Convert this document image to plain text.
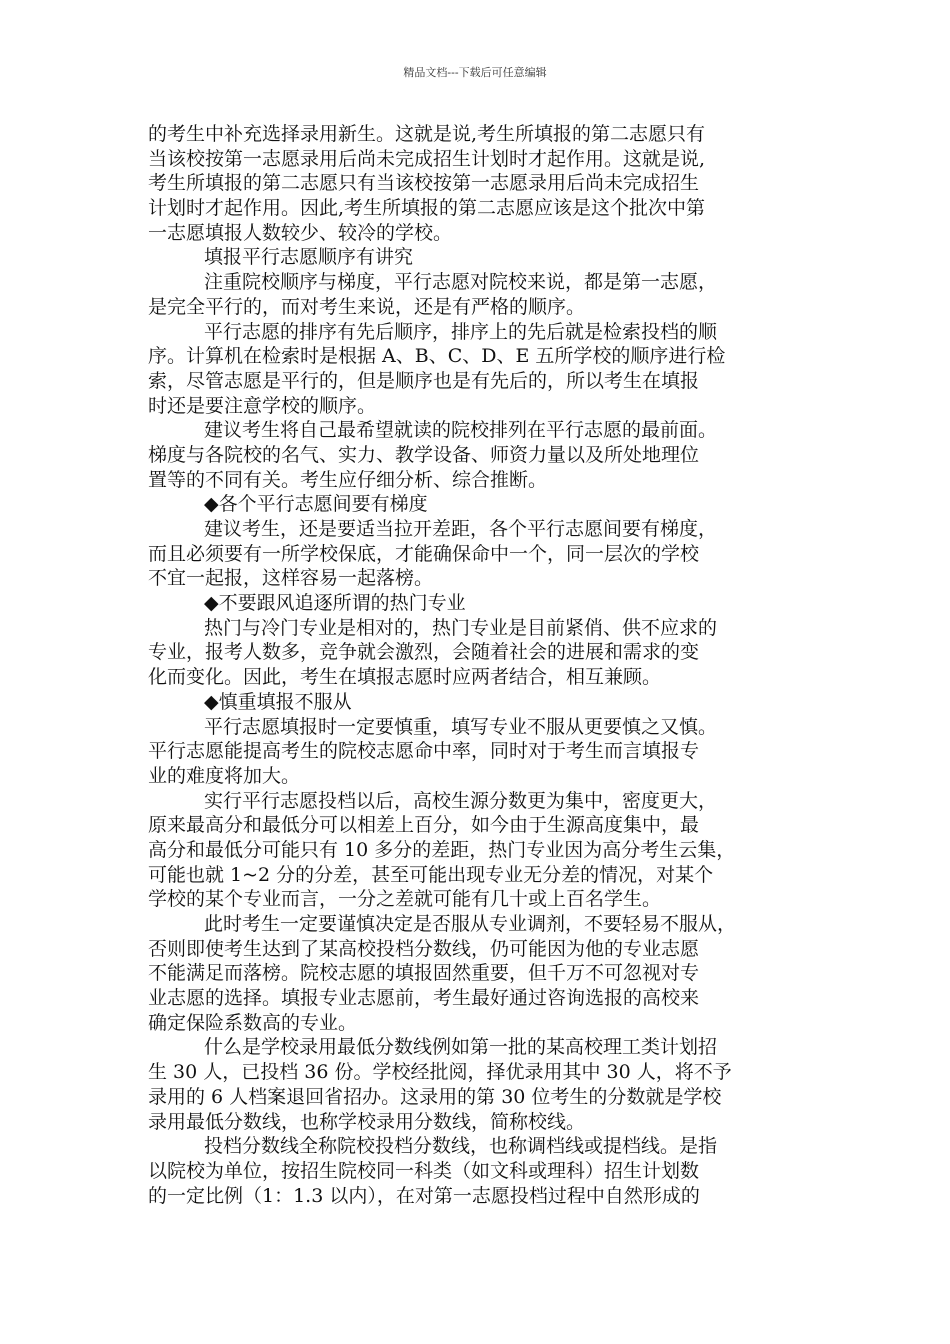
精品文档---下载后可任意编辑
的考生中补充选择录用新生。这就是说,考生所填报的第二志愿只有
当该校按第一志愿录用后尚未完成招生计划时才起作用。这就是说,
考生所填报的第二志愿只有当该校按第一志愿录用后尚未完成招生
计划时才起作用。因此,考生所填报的第二志愿应该是这个批次中第
一志愿填报人数较少、较冷的学校。
填报平行志愿顺序有讲究
注重院校顺序与梯度，平行志愿对院校来说，都是第一志愿，
是完全平行的，而对考生来说，还是有严格的顺序。
平行志愿的排序有先后顺序，排序上的先后就是检索投档的顺
序。计算机在检索时是根据 A、B、C、D、E 五所学校的顺序进行检
索，尽管志愿是平行的，但是顺序也是有先后的，所以考生在填报
时还是要注意学校的顺序。
建议考生将自己最希望就读的院校排列在平行志愿的最前面。
梯度与各院校的名气、实力、教学设备、师资力量以及所处地理位
置等的不同有关。考生应仔细分析、综合推断。
◆各个平行志愿间要有梯度
建议考生，还是要适当拉开差距，各个平行志愿间要有梯度，
而且必须要有一所学校保底，才能确保命中一个，同一层次的学校
不宜一起报，这样容易一起落榜。
◆不要跟风追逐所谓的热门专业
热门与冷门专业是相对的，热门专业是目前紧俏、供不应求的
专业，报考人数多，竞争就会激烈，会随着社会的进展和需求的变
化而变化。因此，考生在填报志愿时应两者结合，相互兼顾。
◆慎重填报不服从
平行志愿填报时一定要慎重，填写专业不服从更要慎之又慎。
平行志愿能提高考生的院校志愿命中率，同时对于考生而言填报专
业的难度将加大。
实行平行志愿投档以后，高校生源分数更为集中，密度更大，
原来最高分和最低分可以相差上百分，如今由于生源高度集中，最
高分和最低分可能只有 10 多分的差距，热门专业因为高分考生云集，
可能也就 1~2 分的分差，甚至可能出现专业无分差的情况，对某个
学校的某个专业而言，一分之差就可能有几十或上百名学生。
此时考生一定要谨慎决定是否服从专业调剂，不要轻易不服从，
否则即使考生达到了某高校投档分数线，仍可能因为他的专业志愿
不能满足而落榜。院校志愿的填报固然重要，但千万不可忽视对专
业志愿的选择。填报专业志愿前，考生最好通过咨询选报的高校来
确定保险系数高的专业。
什么是学校录用最低分数线例如第一批的某高校理工类计划招
生 30 人，已投档 36 份。学校经批阅，择优录用其中 30 人，将不予
录用的 6 人档案退回省招办。这录用的第 30 位考生的分数就是学校
录用最低分数线，也称学校录用分数线，简称校线。
投档分数线全称院校投档分数线，也称调档线或提档线。是指
以院校为单位，按招生院校同一科类（如文科或理科）招生计划数
的一定比例（1：1.3 以内），在对第一志愿投档过程中自然形成的
